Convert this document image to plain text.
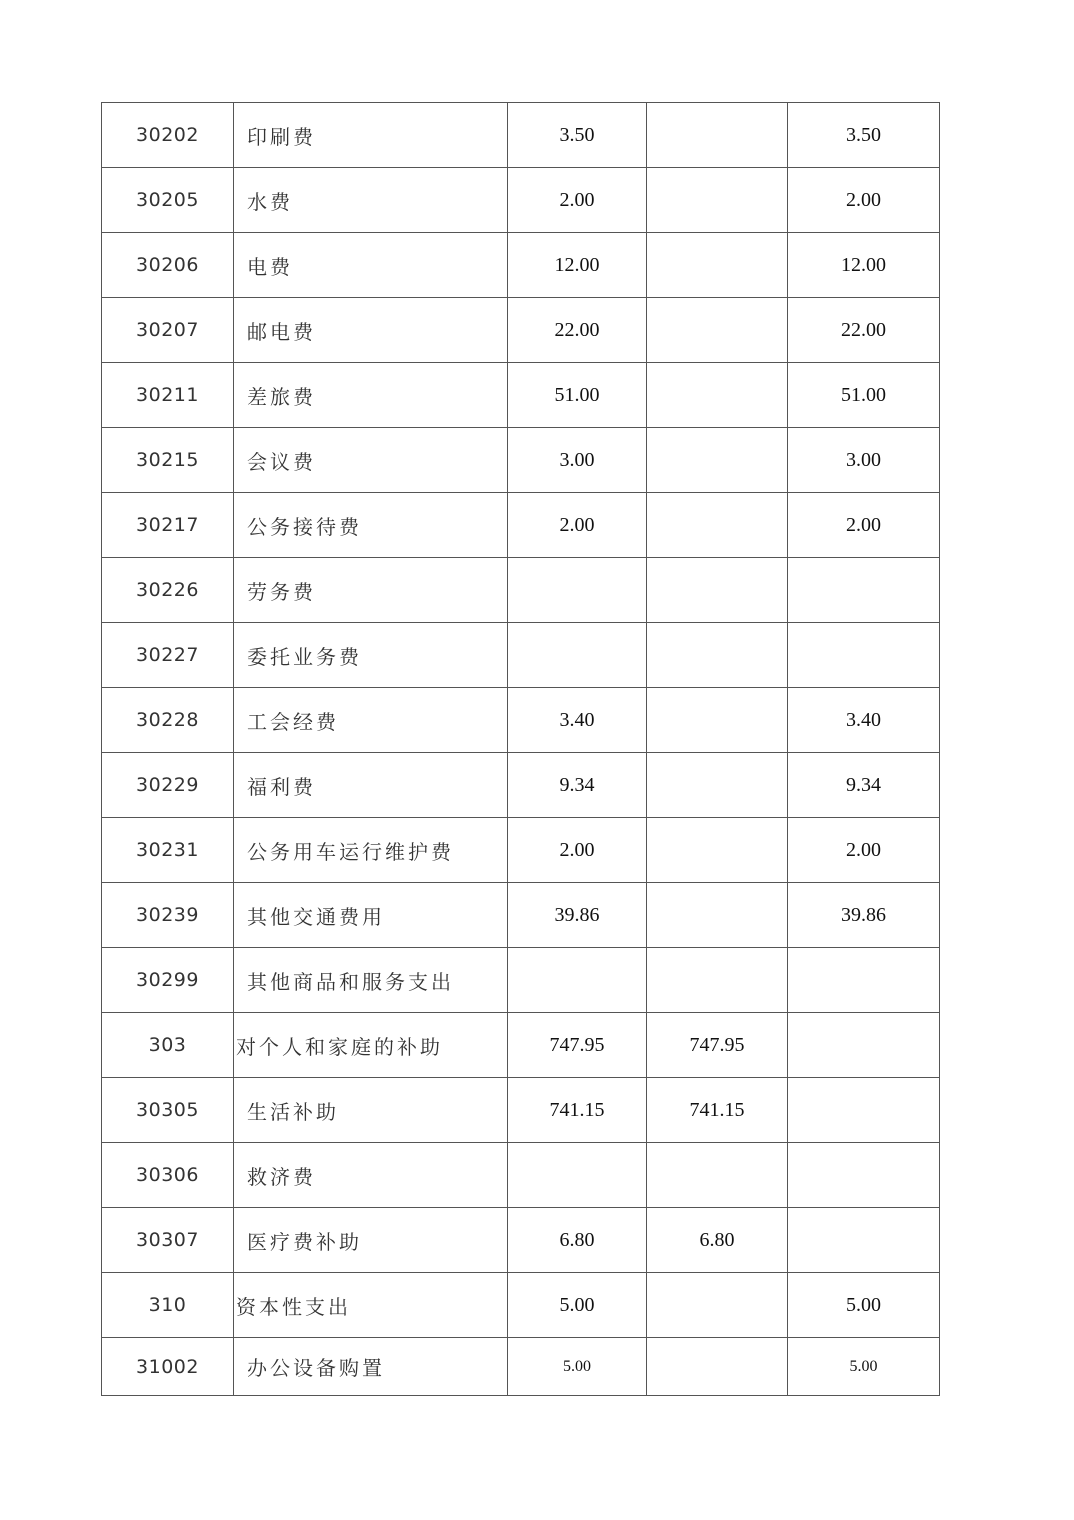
30202	印刷费	3.50		3.50
30205	水费	2.00		2.00
30206	电费	12.00		12.00
30207	邮电费	22.00		22.00
30211	差旅费	51.00		51.00
30215	会议费	3.00		3.00
30217	公务接待费	2.00		2.00
30226	劳务费			
30227	委托业务费			
30228	工会经费	3.40		3.40
30229	福利费	9.34		9.34
30231	公务用车运行维护费	2.00		2.00
30239	其他交通费用	39.86		39.86
30299	其他商品和服务支出			
303	对个人和家庭的补助	747.95	747.95	
30305	生活补助	741.15	741.15	
30306	救济费			
30307	医疗费补助	6.80	6.80	
310	资本性支出	5.00		5.00
31002	办公设备购置	5.00		5.00
